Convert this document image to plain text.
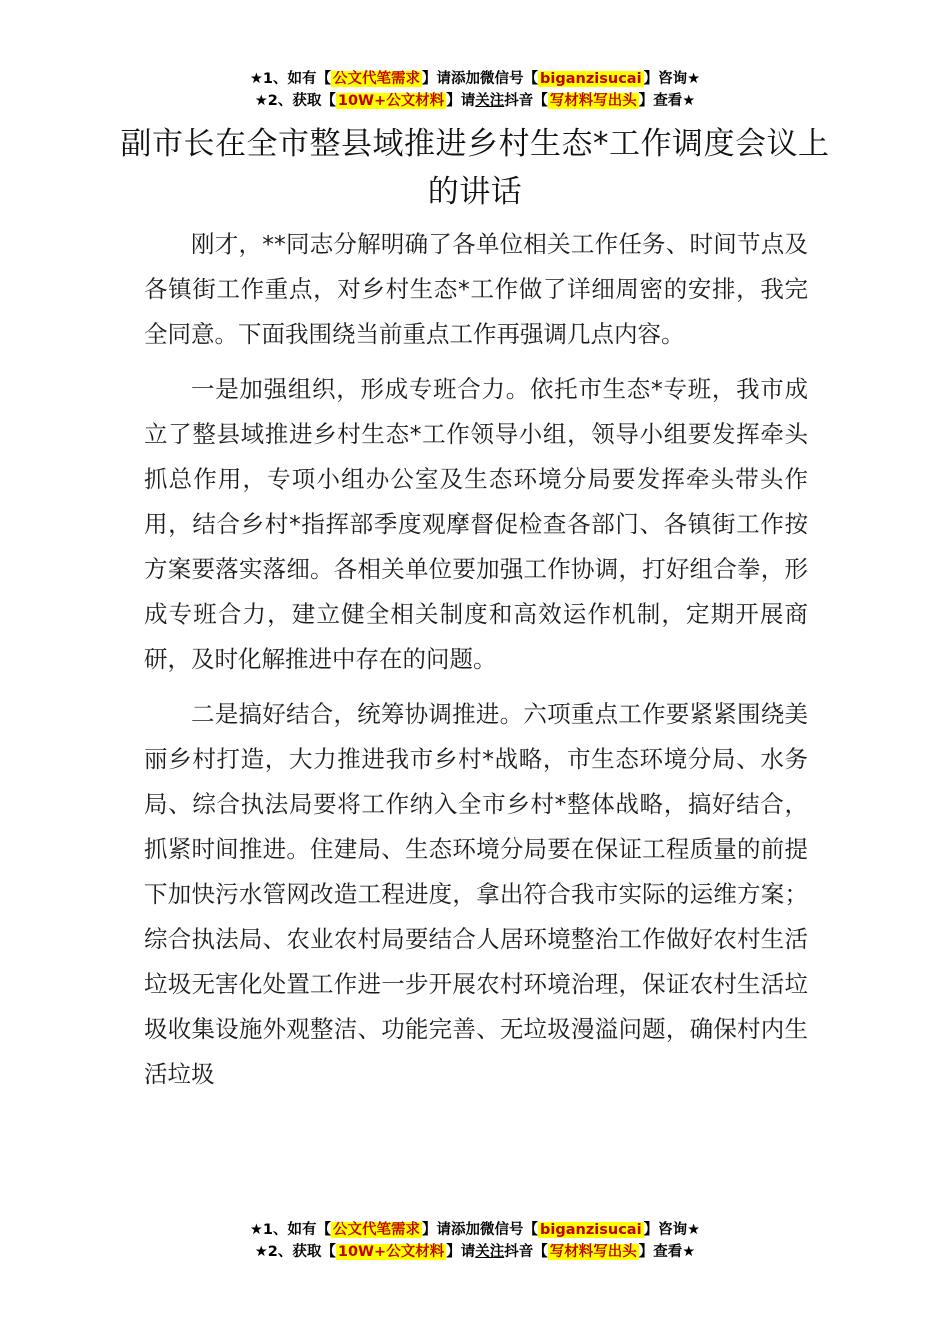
★1、如有【 公文代笔需求 】请添加微信号【 biganzisucai 】咨询★
★2、获取【 10W+公文材料 】请关注抖音【 写材料写出头 】查看★
副市长在全市整县域推进乡村生态*工作调度会议上的讲话

刚才，**同志分解明确了各单位相关工作任务、时间节点及各镇街工作重点，对乡村生态*工作做了详细周密的安排，我完全同意。下面我围绕当前重点工作再强调几点内容。

一是加强组织，形成专班合力。依托市生态*专班，我市成立了整县域推进乡村生态*工作领导小组，领导小组要发挥牵头抓总作用，专项小组办公室及生态环境分局要发挥牵头带头作用，结合乡村*指挥部季度观摩督促检查各部门、各镇街工作按方案要落实落细。各相关单位要加强工作协调，打好组合拳，形成专班合力，建立健全相关制度和高效运作机制，定期开展商研，及时化解推进中存在的问题。

二是搞好结合，统筹协调推进。六项重点工作要紧紧围绕美丽乡村打造，大力推进我市乡村*战略，市生态环境分局、水务局、综合执法局要将工作纳入全市乡村*整体战略，搞好结合，抓紧时间推进。住建局、生态环境分局要在保证工程质量的前提下加快污水管网改造工程进度，拿出符合我市实际的运维方案；综合执法局、农业农村局要结合人居环境整治工作做好农村生活垃圾无害化处置工作进一步开展农村环境治理，保证农村生活垃圾收集设施外观整洁、功能完善、无垃圾漫溢问题，确保村内生活垃圾

★1、如有【 公文代笔需求 】请添加微信号【 biganzisucai 】咨询★
★2、获取【 10W+公文材料 】请关注抖音【 写材料写出头 】查看★
